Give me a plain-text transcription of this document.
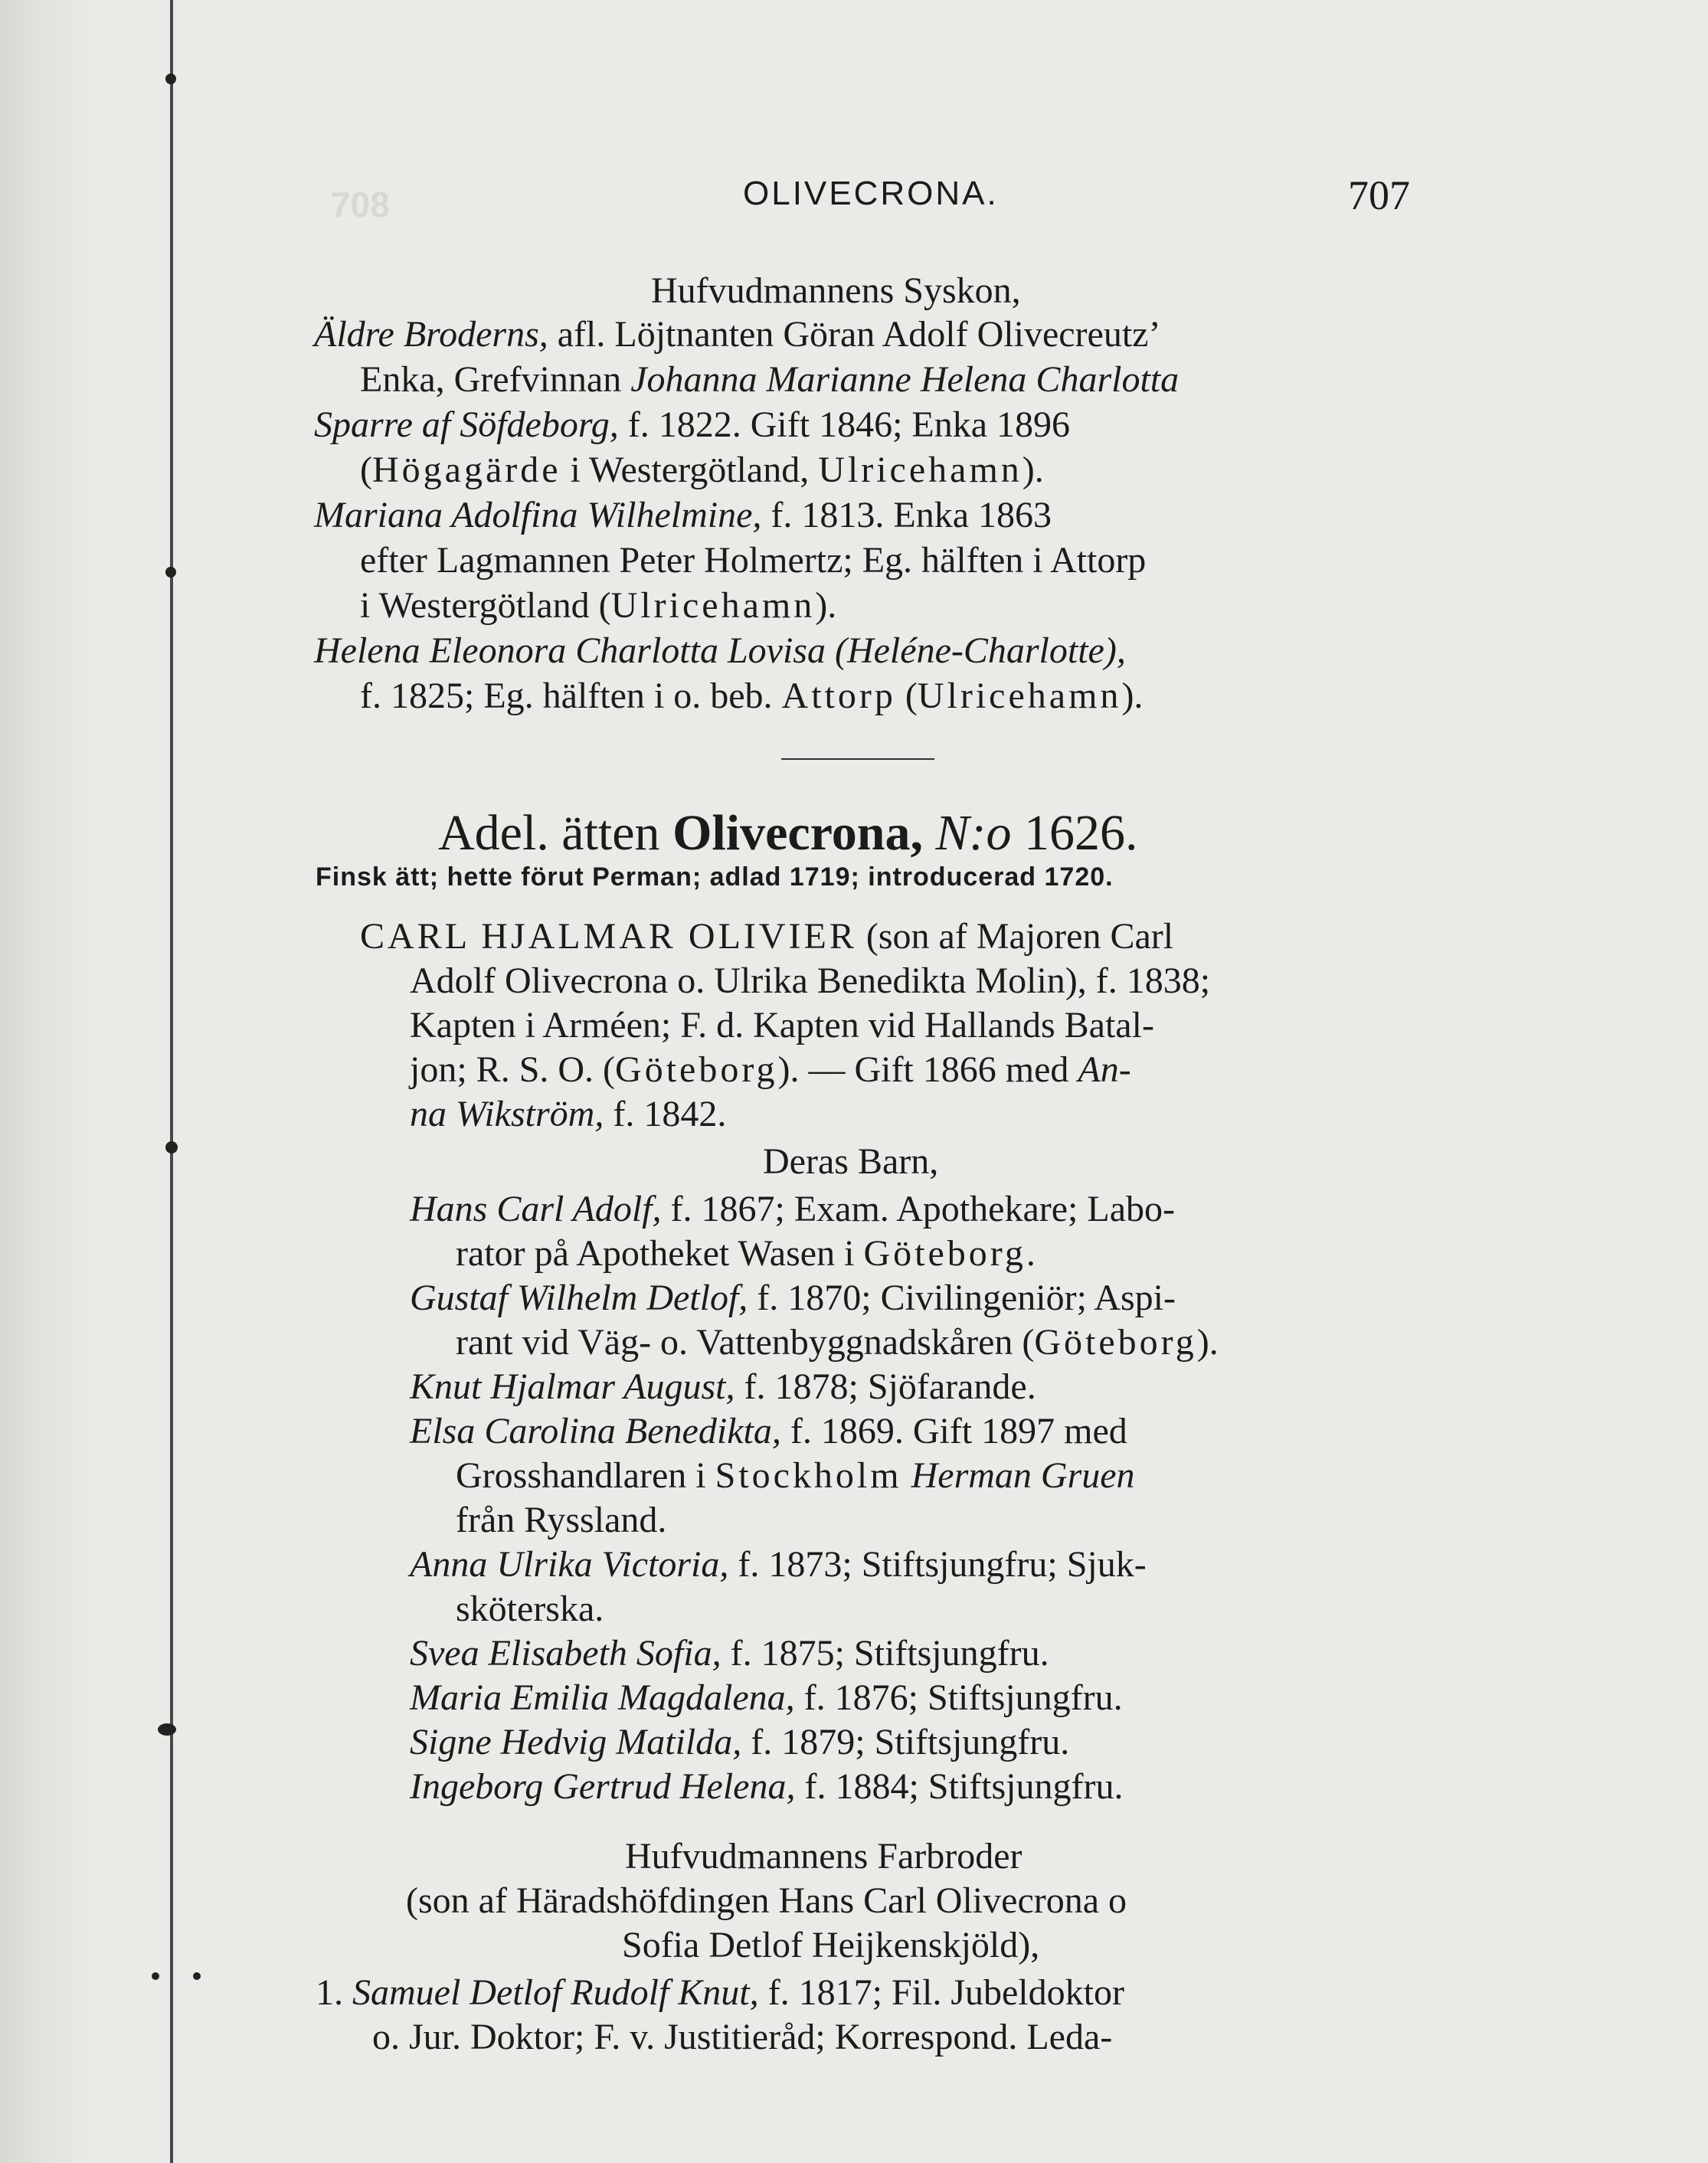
708	OLIVECRONA.	707
Hufvudmannens Syskon,
Äldre Broderns, afl. Löjtnanten Göran Adolf Olivecreutz’
Enka, Grefvinnan Johanna Marianne Helena Charlotta
Sparre af Söfdeborg, f. 1822. Gift 1846; Enka 1896
(Högagärde i Westergötland, Ulricehamn).
Mariana Adolfina Wilhelmine, f. 1813. Enka 1863
efter Lagmannen Peter Holmertz; Eg. hälften i Attorp
i Westergötland (Ulricehamn).
Helena Eleonora Charlotta Lovisa (Heléne-Charlotte),
f. 1825; Eg. hälften i o. beb. Attorp (Ulricehamn).
Adel. ätten Olivecrona, N:o 1626.
Finsk ätt; hette förut Perman; adlad 1719; introducerad 1720.
CARL HJALMAR OLIVIER (son af Majoren Carl
Adolf Olivecrona o. Ulrika Benedikta Molin), f. 1838;
Kapten i Arméen; F. d. Kapten vid Hallands Batal-
jon; R. S. O. (Göteborg). — Gift 1866 med An-
na Wikström, f. 1842.
Deras Barn,
Hans Carl Adolf, f. 1867; Exam. Apothekare; Labo-
rator på Apotheket Wasen i Göteborg.
Gustaf Wilhelm Detlof, f. 1870; Civilingeniör; Aspi-
rant vid Väg- o. Vattenbyggnadskåren (Göteborg).
Knut Hjalmar August, f. 1878; Sjöfarande.
Elsa Carolina Benedikta, f. 1869. Gift 1897 med
Grosshandlaren i Stockholm Herman Gruen
från Ryssland.
Anna Ulrika Victoria, f. 1873; Stiftsjungfru; Sjuk-
sköterska.
Svea Elisabeth Sofia, f. 1875; Stiftsjungfru.
Maria Emilia Magdalena, f. 1876; Stiftsjungfru.
Signe Hedvig Matilda, f. 1879; Stiftsjungfru.
Ingeborg Gertrud Helena, f. 1884; Stiftsjungfru.
Hufvudmannens Farbroder
(son af Häradshöfdingen Hans Carl Olivecrona o
Sofia Detlof Heijkenskjöld),
1. Samuel Detlof Rudolf Knut, f. 1817; Fil. Jubeldoktor
o. Jur. Doktor; F. v. Justitieråd; Korrespond. Leda-
